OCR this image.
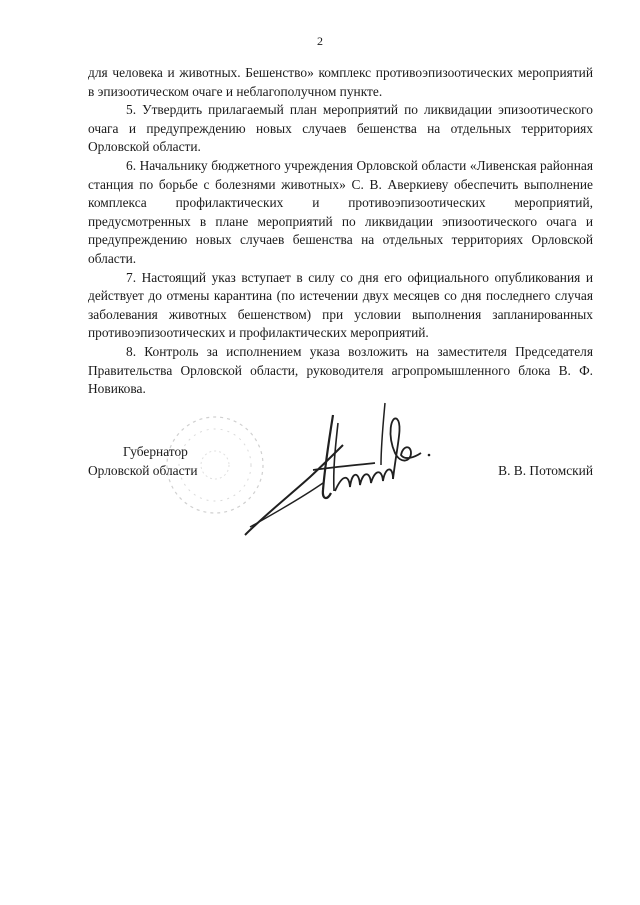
2

для человека и животных. Бешенство» комплекс противоэпизоотических мероприятий в эпизоотическом очаге и неблагополучном пункте.

5. Утвердить прилагаемый план мероприятий по ликвидации эпизоотического очага и предупреждению новых случаев бешенства на отдельных территориях Орловской области.

6. Начальнику бюджетного учреждения Орловской области «Ливенская районная станция по борьбе с болезнями животных» С. В. Аверкиеву обеспечить выполнение комплекса профилактических и противоэпизоотических мероприятий, предусмотренных в плане мероприятий по ликвидации эпизоотического очага и предупреждению новых случаев бешенства на отдельных территориях Орловской области.

7. Настоящий указ вступает в силу со дня его официального опубликования и действует до отмены карантина (по истечении двух месяцев со дня последнего случая заболевания животных бешенством) при условии выполнения запланированных противоэпизоотических и профилактических мероприятий.

8. Контроль за исполнением указа возложить на заместителя Председателя Правительства Орловской области, руководителя агропромышленного блока В. Ф. Новикова.

Губернатор
Орловской области	В. В. Потомский
